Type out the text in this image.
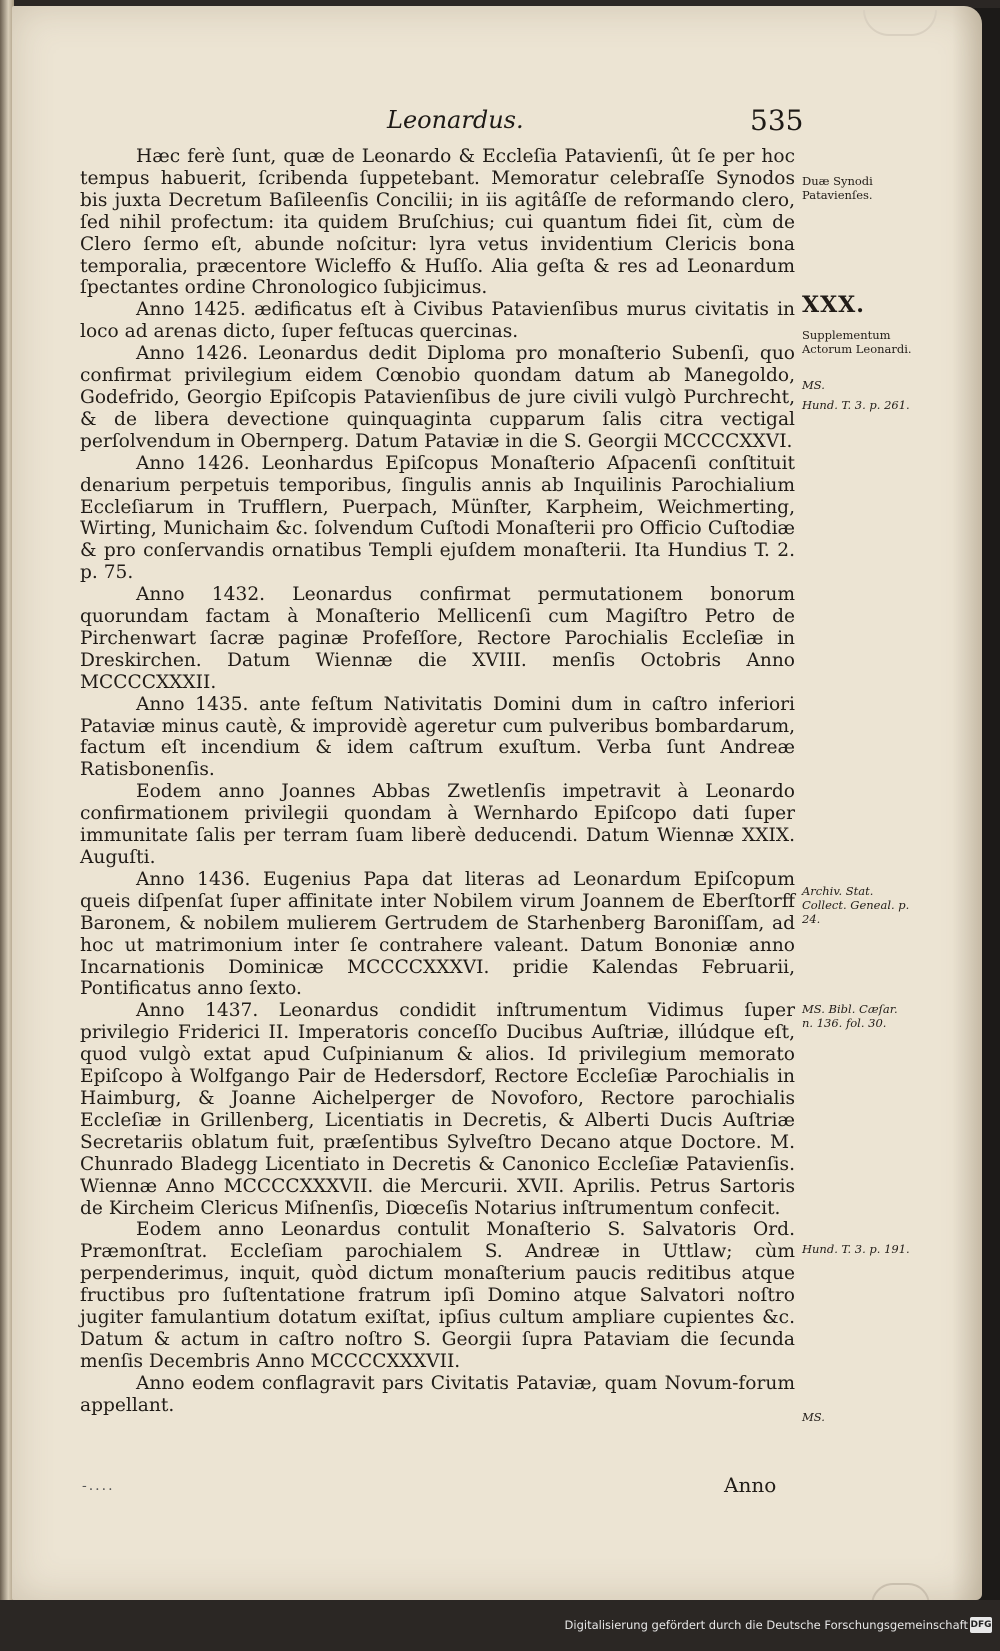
Leonardus.	535

Hæc ferè ſunt, quæ de Leonardo & Eccleſia Patavienſi, ût ſe per hoc tempus habuerit, ſcribenda ſuppetebant. Memoratur celebraſſe Synodos bis juxta Decretum Baſileenſis Concilii; in iis agitâſſe de reformando clero, ſed nihil profectum: ita quidem Bruſchius; cui quantum fidei ſit, cùm de Clero ſermo eſt, abunde noſcitur: lyra vetus invidentium Clericis bona temporalia, præcentore Wicleffo & Huſſo. Alia geſta & res ad Leonardum ſpectantes ordine Chronologico ſubjicimus.

Anno 1425. ædificatus eſt à Civibus Patavienſibus murus civitatis in loco ad arenas dicto, ſuper feſtucas quercinas.

Anno 1426. Leonardus dedit Diploma pro monaſterio Subenſi, quo confirmat privilegium eidem Cœnobio quondam datum ab Manegoldo, Godefrido, Georgio Epiſcopis Patavienſibus de jure civili vulgò Purchrecht, & de libera devectione quinquaginta cupparum ſalis citra vectigal perſolvendum in Obernperg. Datum Pataviæ in die S. Georgii MCCCCXXVI.

Anno 1426. Leonhardus Epiſcopus Monaſterio Aſpacenſi conſtituit denarium perpetuis temporibus, ſingulis annis ab Inquilinis Parochialium Eccleſiarum in Trufflern, Puerpach, Münſter, Karpheim, Weichmerting, Wirting, Munichaim &c. ſolvendum Cuſtodi Monaſterii pro Officio Cuſtodiæ & pro conſervandis ornatibus Templi ejuſdem monaſterii. Ita Hundius T. 2. p. 75.

Anno 1432. Leonardus confirmat permutationem bonorum quorundam factam à Monaſterio Mellicenſi cum Magiſtro Petro de Pirchenwart ſacræ paginæ Profeſſore, Rectore Parochialis Eccleſiæ in Dreskirchen. Datum Wiennæ die XVIII. menſis Octobris Anno MCCCCXXXII.

Anno 1435. ante feſtum Nativitatis Domini dum in caſtro inferiori Pataviæ minus cautè, & improvidè ageretur cum pulveribus bombardarum, factum eſt incendium & idem caſtrum exuſtum. Verba ſunt Andreæ Ratisbonenſis.

Eodem anno Joannes Abbas Zwetlenſis impetravit à Leonardo confirmationem privilegii quondam à Wernhardo Epiſcopo dati ſuper immunitate ſalis per terram ſuam liberè deducendi. Datum Wiennæ XXIX. Auguſti.

Anno 1436. Eugenius Papa dat literas ad Leonardum Epiſcopum queis diſpenſat ſuper affinitate inter Nobilem virum Joannem de Eberſtorff Baronem, & nobilem mulierem Gertrudem de Starhenberg Baroniſſam, ad hoc ut matrimonium inter ſe contrahere valeant. Datum Bononiæ anno Incarnationis Dominicæ MCCCCXXXVI. pridie Kalendas Februarii, Pontificatus anno ſexto.

Anno 1437. Leonardus condidit inſtrumentum Vidimus ſuper privilegio Friderici II. Imperatoris conceſſo Ducibus Auſtriæ, illúdque eſt, quod vulgò extat apud Cuſpinianum & alios. Id privilegium memorato Epiſcopo à Wolfgango Pair de Hedersdorf, Rectore Eccleſiæ Parochialis in Haimburg, & Joanne Aichelperger de Novoforo, Rectore parochialis Eccleſiæ in Grillenberg, Licentiatis in Decretis, & Alberti Ducis Auſtriæ Secretariis oblatum fuit, præſentibus Sylveſtro Decano atque Doctore. M. Chunrado Bladegg Licentiato in Decretis & Canonico Eccleſiæ Patavienſis. Wiennæ Anno MCCCCXXXVII. die Mercurii. XVII. Aprilis. Petrus Sartoris de Kircheim Clericus Miſnenſis, Diœceſis Notarius inſtrumentum confecit.

Eodem anno Leonardus contulit Monaſterio S. Salvatoris Ord. Præmonſtrat. Eccleſiam parochialem S. Andreæ in Uttlaw; cùm perpenderimus, inquit, quòd dictum monaſterium paucis reditibus atque fructibus pro ſuſtentatione fratrum ipſi Domino atque Salvatori noſtro jugiter famulantium dotatum exiſtat, ipſius cultum ampliare cupientes &c. Datum & actum in caſtro noſtro S. Georgii ſupra Pataviam die ſecunda menſis Decembris Anno MCCCCXXXVII.

Anno eodem conflagravit pars Civitatis Pataviæ, quam Novum-forum appellant.

Duæ Synodi Patavienſes.
XXX.
Supplementum Actorum Leonardi.
MS.
Hund. T. 3. p. 261.
Archiv. Stat. Collect. Geneal. p. 24.
MS. Bibl. Cæſar. n. 136. fol. 30.
Hund. T. 3. p. 191.
MS.
-....	Anno
Digitalisierung gefördert durch die Deutsche Forschungsgemeinschaft DFG
